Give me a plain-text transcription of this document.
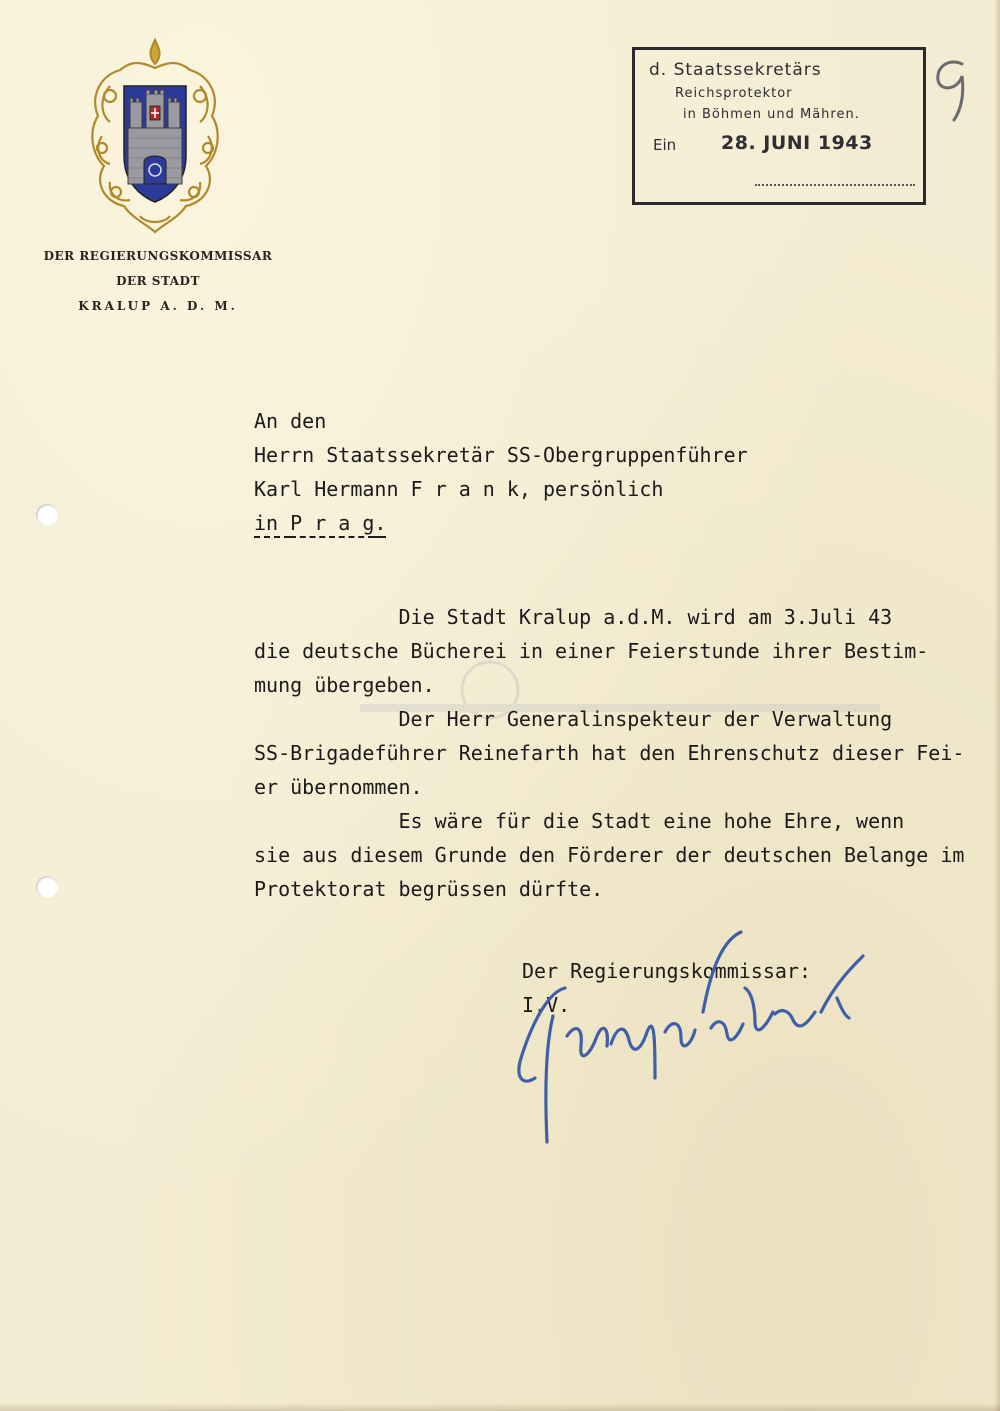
DER REGIERUNGSKOMMISSAR
DER STADT
KRALUP A. D. M.
d. Staatssekretärs
Reichsprotektor
in Böhmen und Mähren.
Ein 28. JUNI 1943
An den
Herrn Staatssekretär SS-Obergruppenführer
Karl Hermann F r a n k, persönlich
in P r a g.
Die Stadt Kralup a.d.M. wird am 3.Juli 43
die deutsche Bücherei in einer Feierstunde ihrer Bestim-
mung übergeben.
Der Herr Generalinspekteur der Verwaltung
SS-Brigadeführer Reinefarth hat den Ehrenschutz dieser Fei-
er übernommen.
Es wäre für die Stadt eine hohe Ehre, wenn
sie aus diesem Grunde den Förderer der deutschen Belange im
Protektorat begrüssen dürfte.
Der Regierungskommissar:
I.V.
